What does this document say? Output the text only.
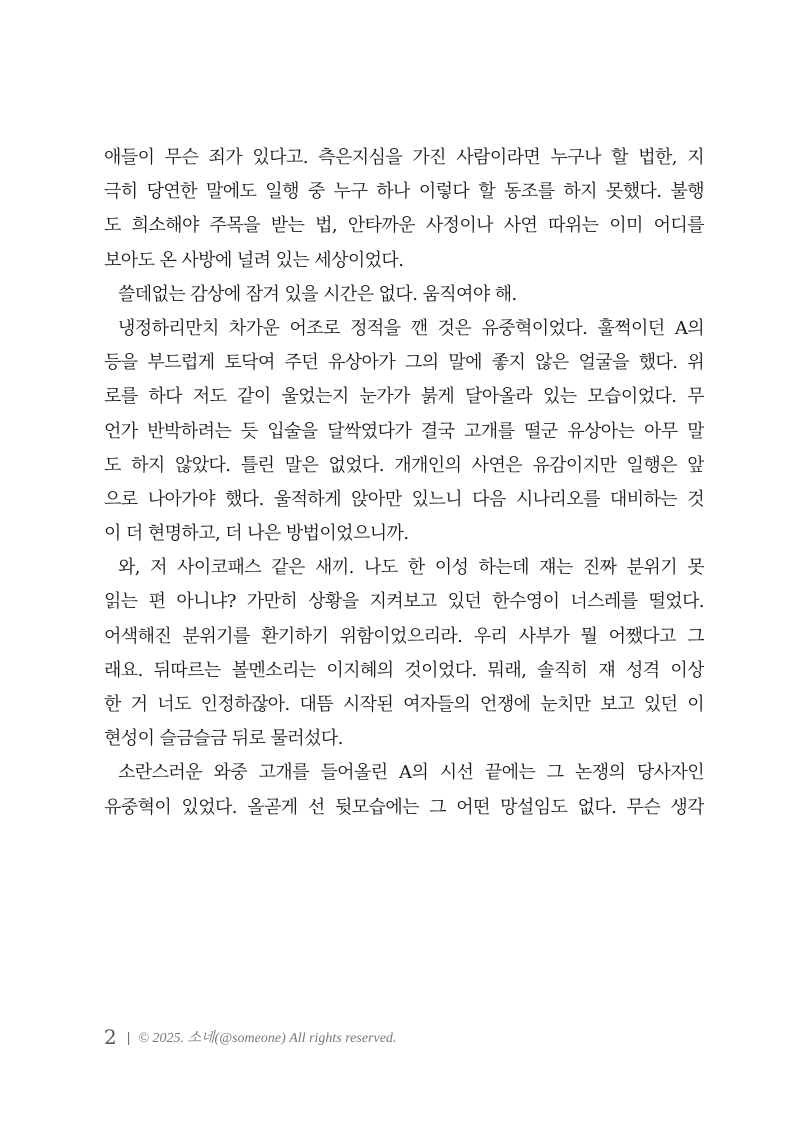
애들이 무슨 죄가 있다고. 측은지심을 가진 사람이라면 누구나 할 법한, 지
극히 당연한 말에도 일행 중 누구 하나 이렇다 할 동조를 하지 못했다. 불행
도 희소해야 주목을 받는 법, 안타까운 사정이나 사연 따위는 이미 어디를
보아도 온 사방에 널려 있는 세상이었다.
쓸데없는 감상에 잠겨 있을 시간은 없다. 움직여야 해.
냉정하리만치 차가운 어조로 정적을 깬 것은 유중혁이었다. 훌쩍이던 A의
등을 부드럽게 토닥여 주던 유상아가 그의 말에 좋지 않은 얼굴을 했다. 위
로를 하다 저도 같이 울었는지 눈가가 붉게 달아올라 있는 모습이었다. 무
언가 반박하려는 듯 입술을 달싹였다가 결국 고개를 떨군 유상아는 아무 말
도 하지 않았다. 틀린 말은 없었다. 개개인의 사연은 유감이지만 일행은 앞
으로 나아가야 했다. 울적하게 앉아만 있느니 다음 시나리오를 대비하는 것
이 더 현명하고, 더 나은 방법이었으니까.
와, 저 사이코패스 같은 새끼. 나도 한 이성 하는데 쟤는 진짜 분위기 못
읽는 편 아니냐? 가만히 상황을 지켜보고 있던 한수영이 너스레를 떨었다.
어색해진 분위기를 환기하기 위함이었으리라. 우리 사부가 뭘 어쨌다고 그
래요. 뒤따르는 볼멘소리는 이지혜의 것이었다. 뭐래, 솔직히 쟤 성격 이상
한 거 너도 인정하잖아. 대뜸 시작된 여자들의 언쟁에 눈치만 보고 있던 이
현성이 슬금슬금 뒤로 물러섰다.
소란스러운 와중 고개를 들어올린 A의 시선 끝에는 그 논쟁의 당사자인
유중혁이 있었다. 올곧게 선 뒷모습에는 그 어떤 망설임도 없다. 무슨 생각
2 | © 2025. 소네(@someone) All rights reserved.
